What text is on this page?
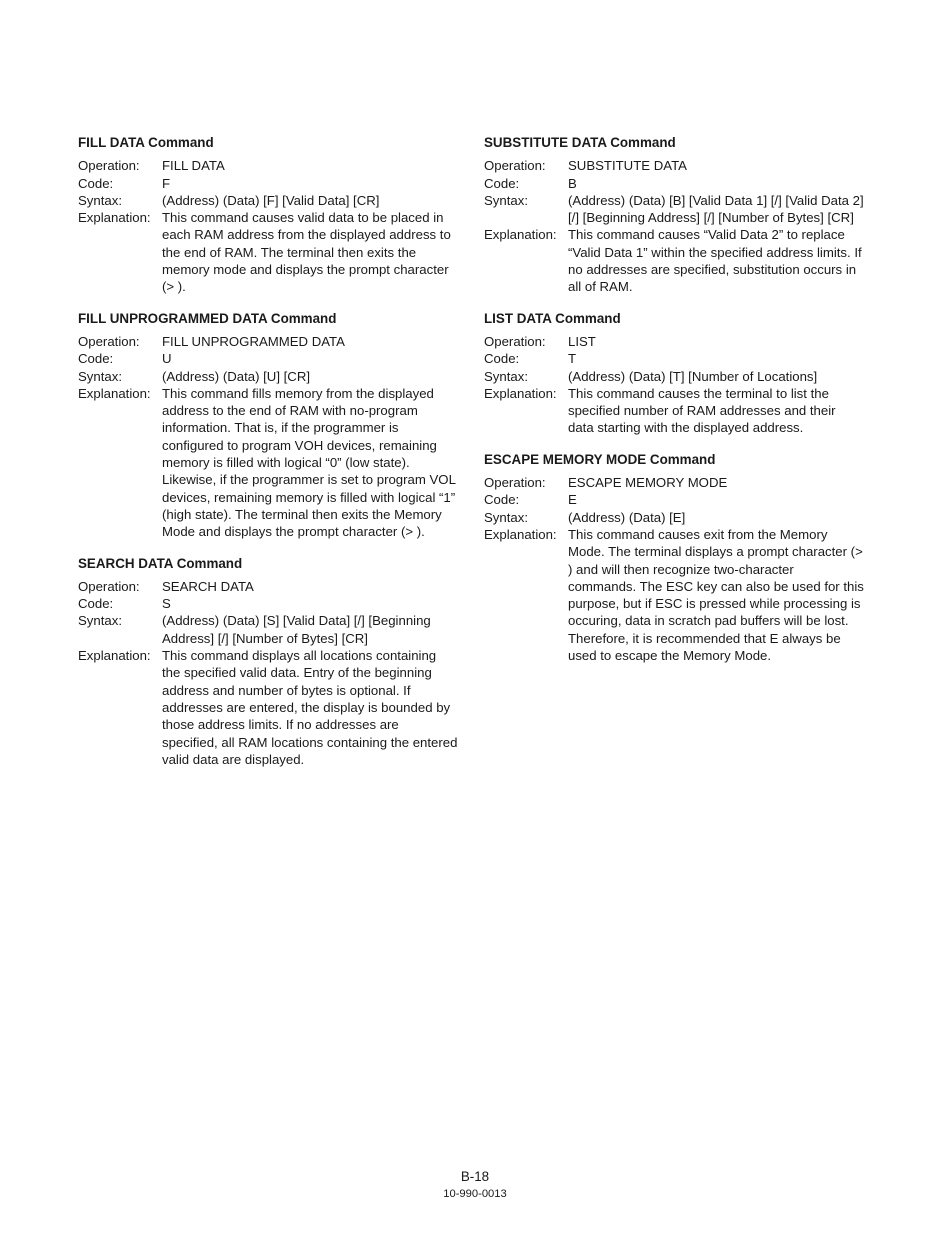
FILL DATA Command
Operation:	FILL DATA
Code:	F
Syntax:	(Address) (Data) [F] [Valid Data] [CR]
Explanation: This command causes valid data to be placed in each RAM address from the displayed address to the end of RAM. The terminal then exits the memory mode and displays the prompt character (> ).
FILL UNPROGRAMMED DATA Command
Operation:	FILL UNPROGRAMMED DATA
Code:	U
Syntax:	(Address) (Data) [U] [CR]
Explanation: This command fills memory from the displayed address to the end of RAM with no-program information. That is, if the programmer is configured to program VOH devices, remaining memory is filled with logical “0” (low state). Likewise, if the programmer is set to program VOL devices, remaining memory is filled with logical “1” (high state). The terminal then exits the Memory Mode and displays the prompt character (> ).
SEARCH DATA Command
Operation:	SEARCH DATA
Code:	S
Syntax:	(Address) (Data) [S] [Valid Data] [/] [Beginning Address] [/] [Number of Bytes] [CR]
Explanation: This command displays all locations containing the specified valid data. Entry of the beginning address and number of bytes is optional. If addresses are entered, the display is bounded by those address limits. If no addresses are specified, all RAM locations containing the entered valid data are displayed.
SUBSTITUTE DATA Command
Operation:	SUBSTITUTE DATA
Code:	B
Syntax:	(Address) (Data) [B] [Valid Data 1] [/] [Valid Data 2] [/] [Beginning Address] [/] [Number of Bytes] [CR]
Explanation: This command causes “Valid Data 2” to replace “Valid Data 1” within the specified address limits. If no addresses are specified, substitution occurs in all of RAM.
LIST DATA Command
Operation:	LIST
Code:	T
Syntax:	(Address) (Data) [T] [Number of Locations]
Explanation: This command causes the terminal to list the specified number of RAM addresses and their data starting with the displayed address.
ESCAPE MEMORY MODE Command
Operation:	ESCAPE MEMORY MODE
Code:	E
Syntax:	(Address) (Data) [E]
Explanation: This command causes exit from the Memory Mode. The terminal displays a prompt character (> ) and will then recognize two-character commands. The ESC key can also be used for this purpose, but if ESC is pressed while processing is occuring, data in scratch pad buffers will be lost. Therefore, it is recommended that E always be used to escape the Memory Mode.
B-18
10-990-0013
